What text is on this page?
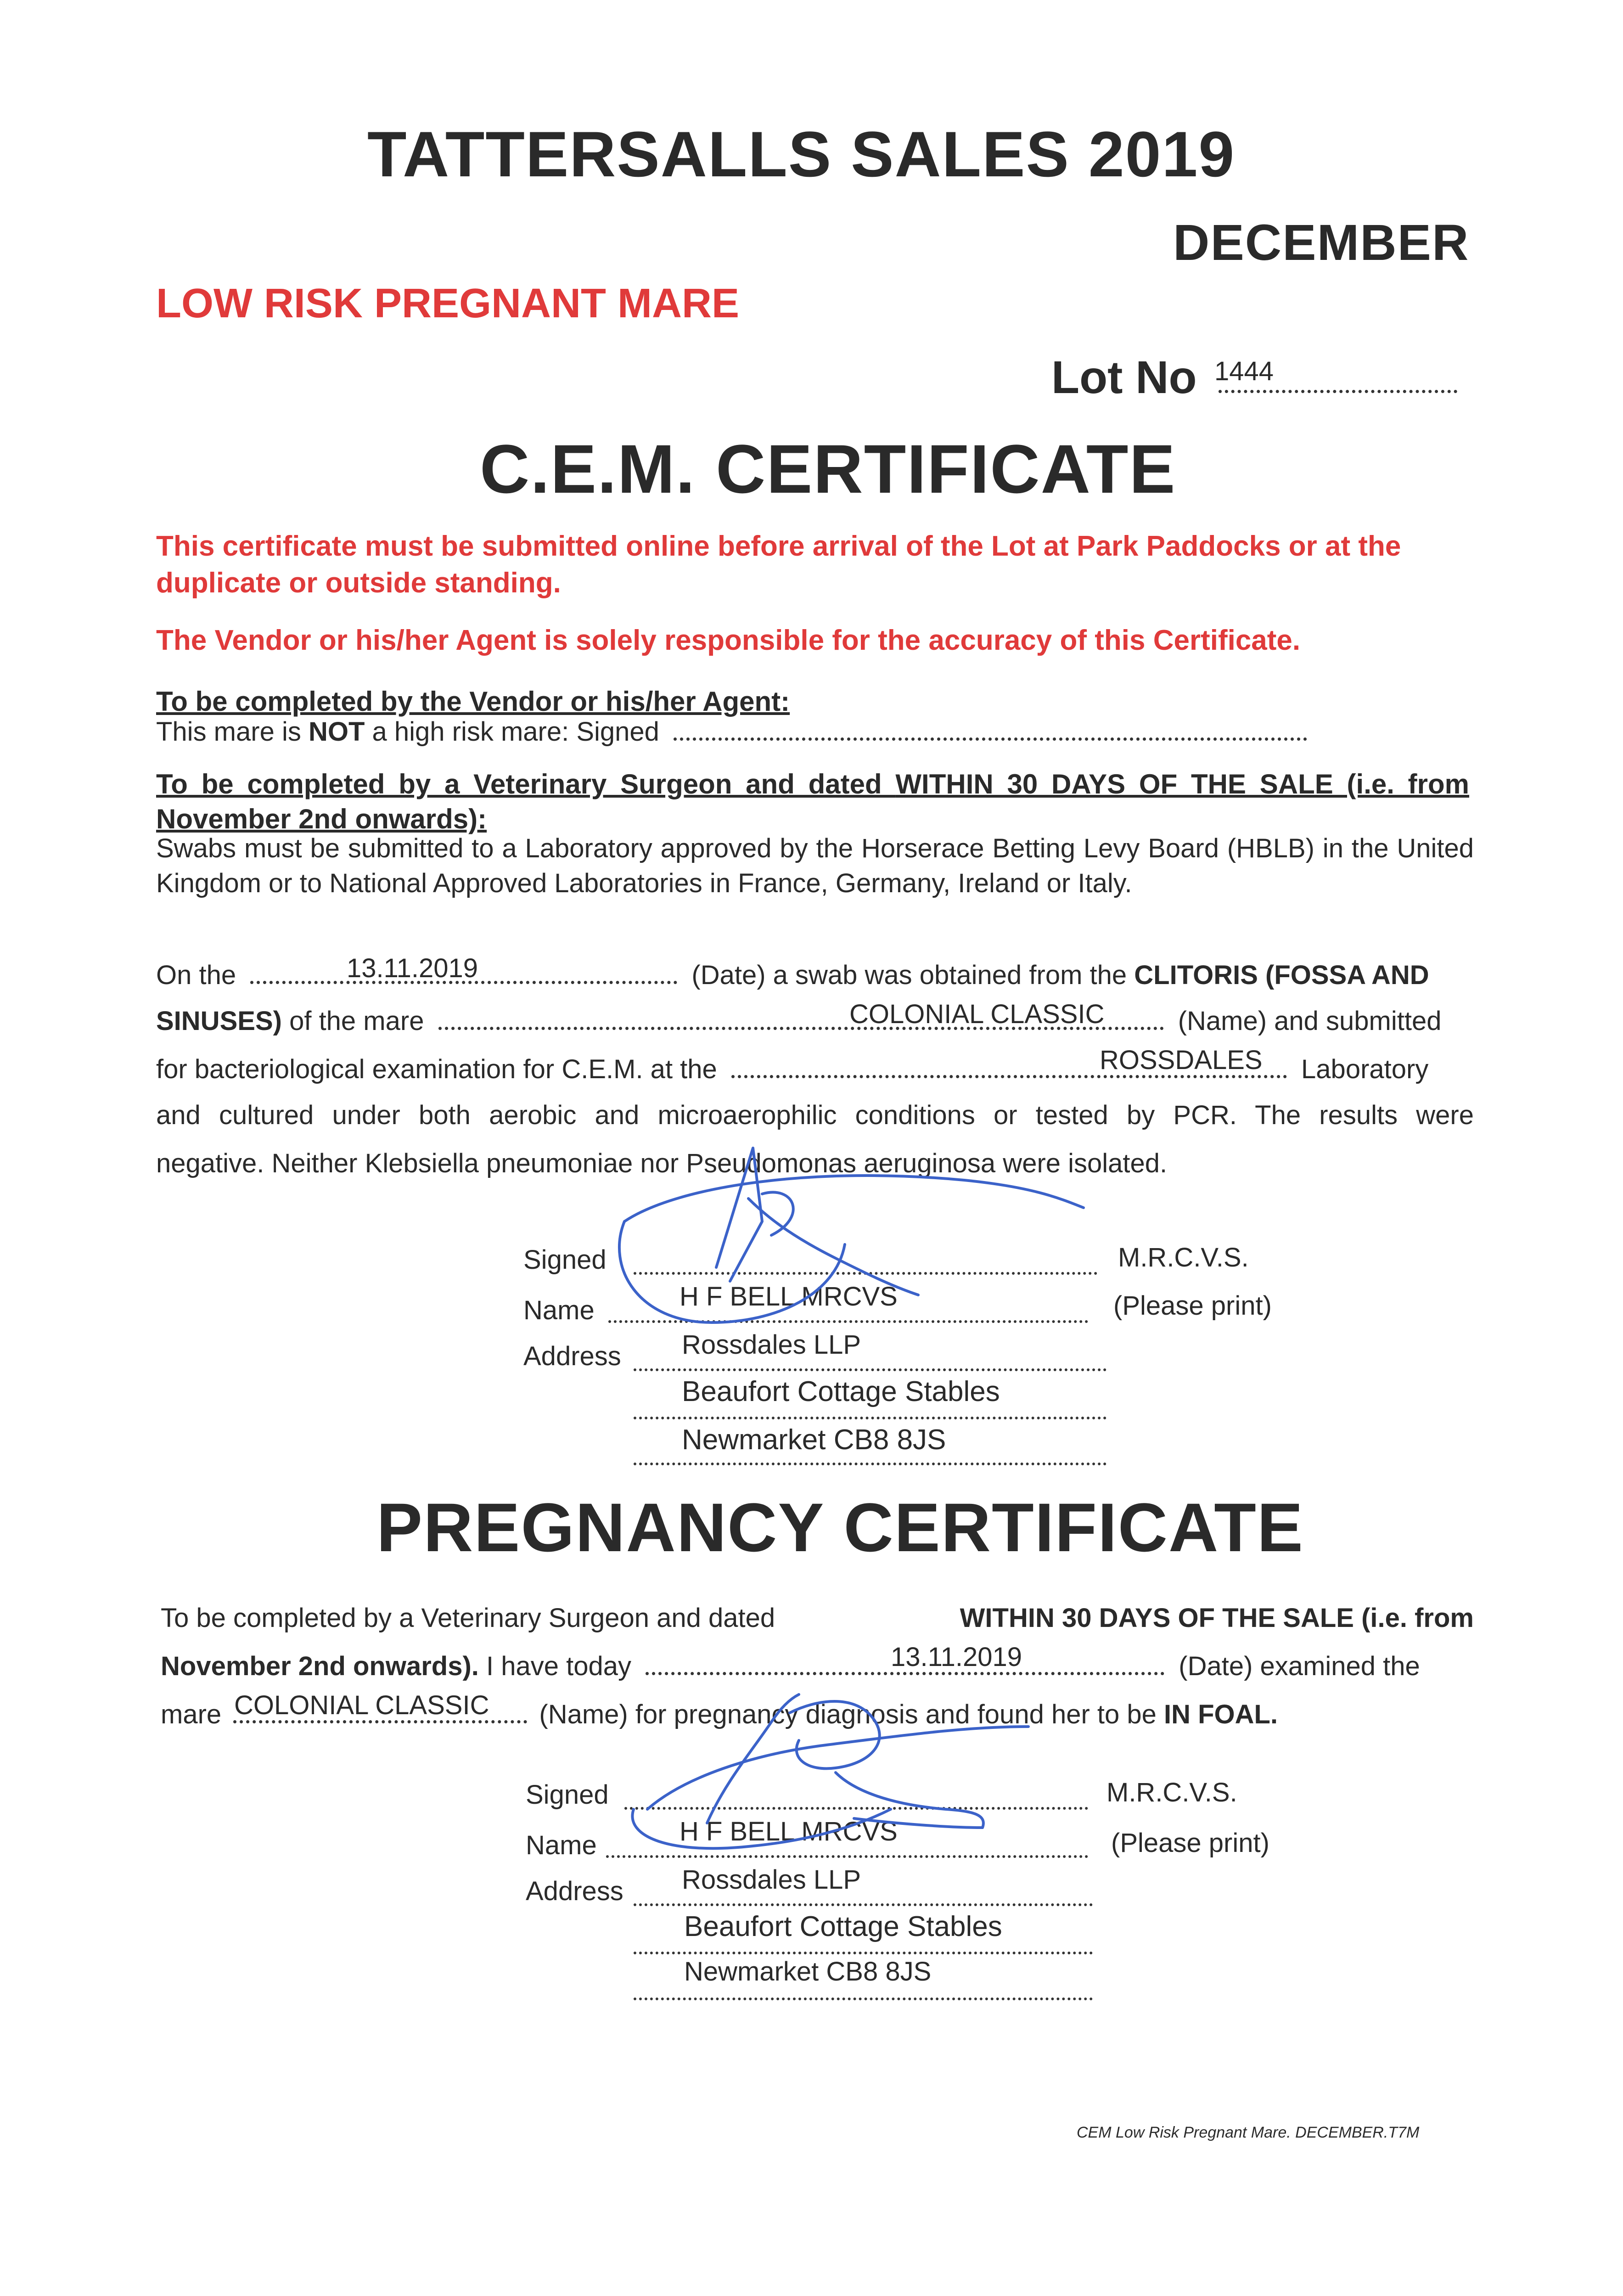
TATTERSALLS SALES 2019
DECEMBER
LOW RISK PREGNANT MARE
Lot No 1444
C.E.M. CERTIFICATE
This certificate must be submitted online before arrival of the Lot at Park Paddocks or at the duplicate or outside standing.
The Vendor or his/her Agent is solely responsible for the accuracy of this Certificate.
To be completed by the Vendor or his/her Agent:
This mare is NOT a high risk mare: Signed
To be completed by a Veterinary Surgeon and dated WITHIN 30 DAYS OF THE SALE (i.e. from November 2nd onwards):
Swabs must be submitted to a Laboratory approved by the Horserace Betting Levy Board (HBLB) in the United Kingdom or to National Approved Laboratories in France, Germany, Ireland or Italy.
On the	(Date) a swab was obtained from the CLITORIS (FOSSA AND
13.11.2019
SINUSES) of the mare	(Name) and submitted
COLONIAL CLASSIC
for bacteriological examination for C.E.M. at the	Laboratory
ROSSDALES
and cultured under both aerobic and microaerophilic conditions or tested by PCR. The results were
negative. Neither Klebsiella pneumoniae nor Pseudomonas aeruginosa were isolated.
Signed	M.R.C.V.S.
Name	H F BELL MRCVS	(Please print)
Address Rossdales LLP
Beaufort Cottage Stables
Newmarket CB8 8JS
PREGNANCY CERTIFICATE
To be completed by a Veterinary Surgeon and dated	WITHIN 30 DAYS OF THE SALE (i.e. from
November 2nd onwards). I have today	(Date) examined the
13.11.2019
mare	(Name) for pregnancy diagnosis and found her to be IN FOAL.
COLONIAL CLASSIC
Signed	M.R.C.V.S.
Name	H F BELL MRCVS	(Please print)
Address Rossdales LLP
Beaufort Cottage Stables
Newmarket CB8 8JS
CEM Low Risk Pregnant Mare. DECEMBER.T7M
